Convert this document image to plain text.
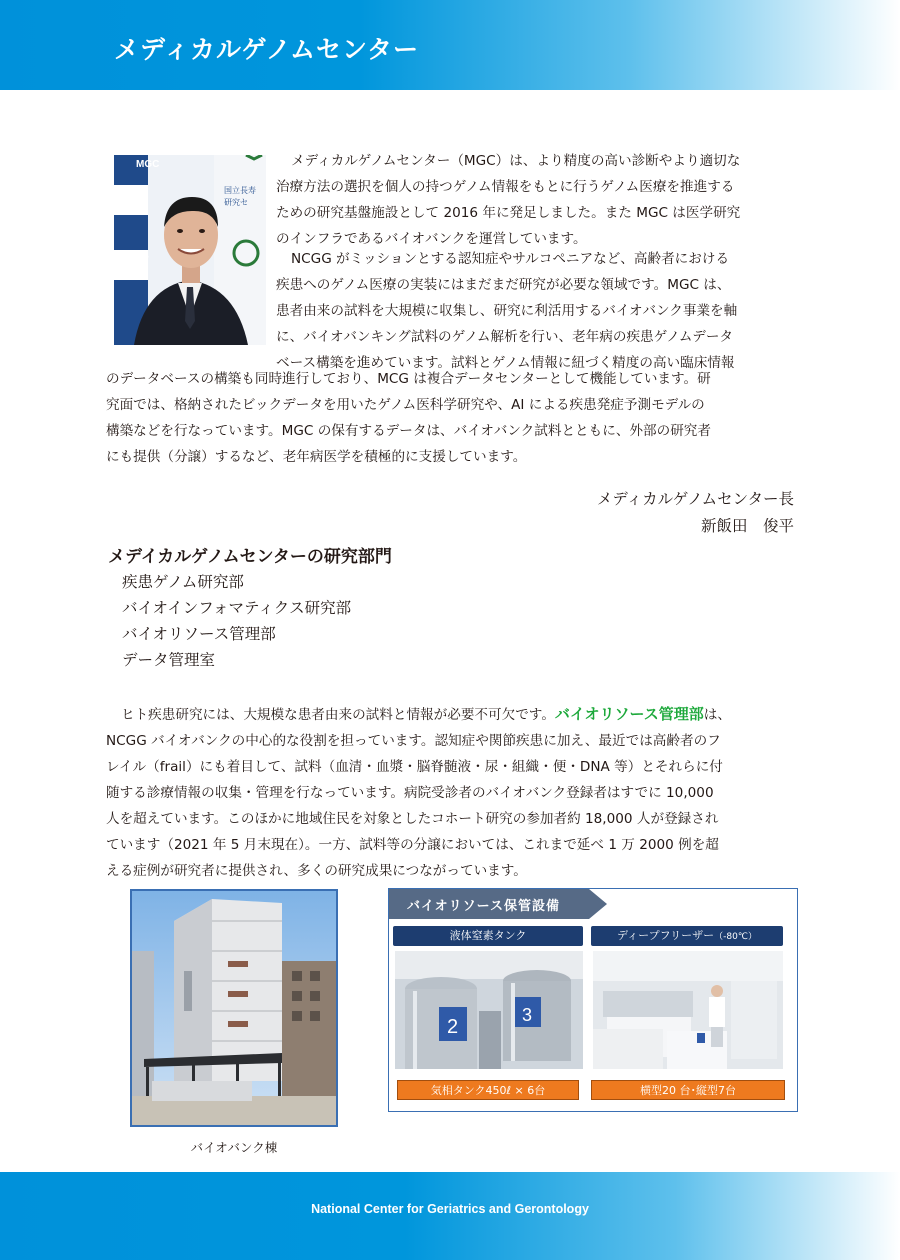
メディカルゲノムセンター
MGC
国立長寿
研究セ
BIOB
メディカルゲノムセンター（MGC）は、より精度の高い診断やより適切な
治療方法の選択を個人の持つゲノム情報をもとに行うゲノム医療を推進する
ための研究基盤施設として 2016 年に発足しました。また MGC は医学研究
のインフラであるバイオバンクを運営しています。
NCGG がミッションとする認知症やサルコペニアなど、高齢者における
疾患へのゲノム医療の実装にはまだまだ研究が必要な領域です。MGC は、
患者由来の試料を大規模に収集し、研究に利活用するバイオバンク事業を軸
に、バイオバンキング試料のゲノム解析を行い、老年病の疾患ゲノムデータ
ベース構築を進めています。試料とゲノム情報に紐づく精度の高い臨床情報
のデータベースの構築も同時進行しており、MCG は複合データセンターとして機能しています。研
究面では、格納されたビックデータを用いたゲノム医科学研究や、AI による疾患発症予測モデルの
構築などを行なっています。MGC の保有するデータは、バイオバンク試料とともに、外部の研究者
にも提供（分譲）するなど、老年病医学を積極的に支援しています。
メディカルゲノムセンター長
新飯田　俊平
メデイカルゲノムセンターの研究部門
疾患ゲノム研究部
バイオインフォマティクス研究部
バイオリソース管理部
データ管理室
ヒト疾患研究には、大規模な患者由来の試料と情報が必要不可欠です。バイオリソース管理部は、
NCGG バイオバンクの中心的な役割を担っています。認知症や関節疾患に加え、最近では高齢者のフ
レイル（frail）にも着目して、試料（血清・血漿・脳脊髄液・尿・組織・便・DNA 等）とそれらに付
随する診療情報の収集・管理を行なっています。病院受診者のバイオバンク登録者はすでに 10,000
人を超えています。このほかに地域住民を対象としたコホート研究の参加者約 18,000 人が登録され
ています（2021 年 5 月末現在）。一方、試料等の分譲においては、これまで延べ 1 万 2000 例を超
える症例が研究者に提供され、多くの研究成果につながっています。
バイオバンク棟
バイオリソース保管設備
液体窒素タンク	ディープフリーザー（-80℃）
2
3
気相タンク450ℓ × 6台	横型20 台･縦型7台
National Center for Geriatrics and Gerontology
